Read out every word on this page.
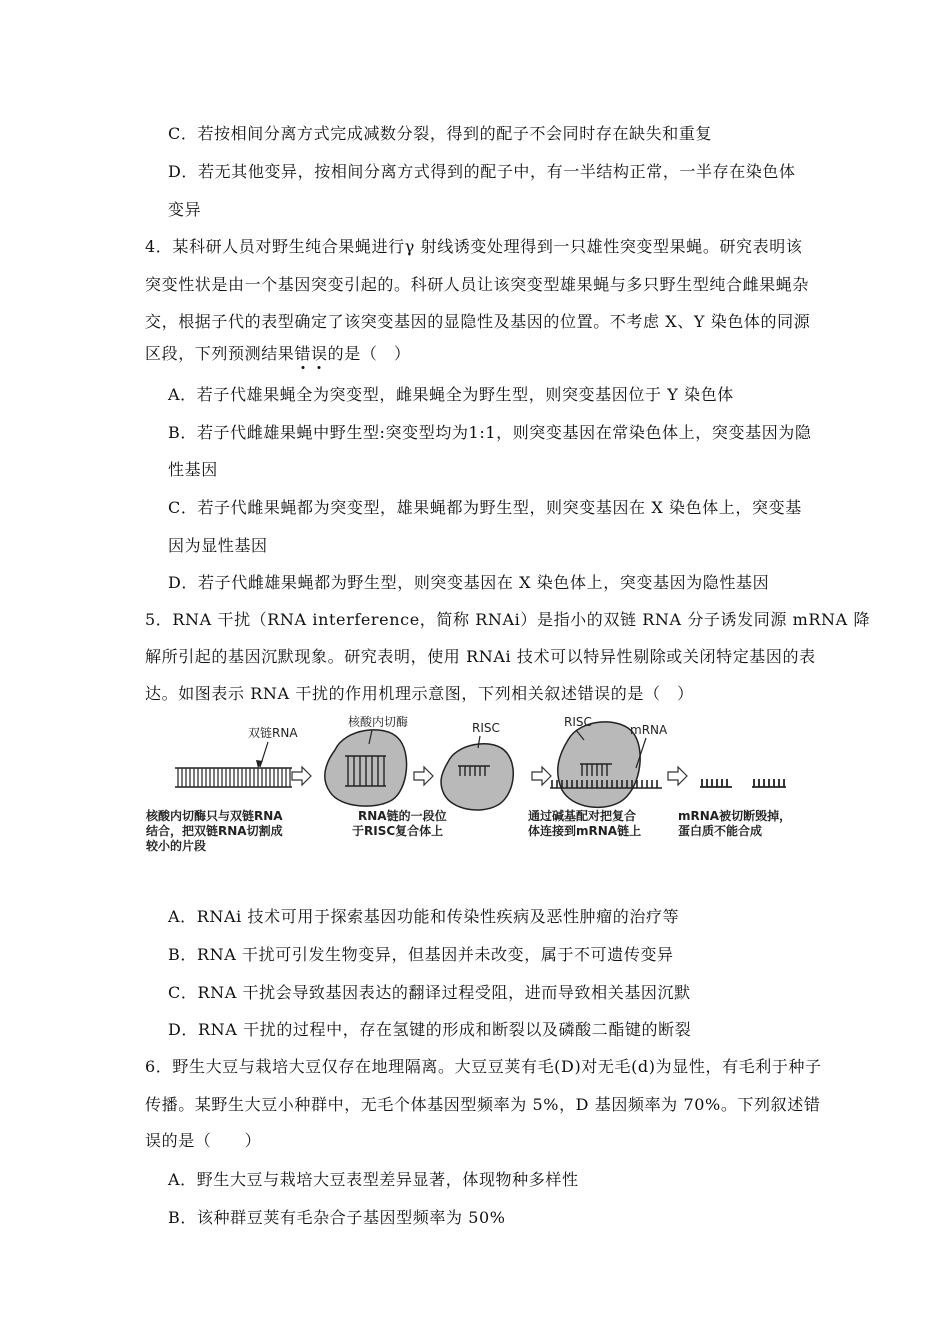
C．若按相间分离方式完成减数分裂，得到的配子不会同时存在缺失和重复
D．若无其他变异，按相间分离方式得到的配子中，有一半结构正常，一半存在染色体
变异
4．某科研人员对野生纯合果蝇进行γ 射线诱变处理得到一只雄性突变型果蝇。研究表明该
突变性状是由一个基因突变引起的。科研人员让该突变型雄果蝇与多只野生型纯合雌果蝇杂
交，根据子代的表型确定了该突变基因的显隐性及基因的位置。不考虑 X、Y 染色体的同源
区段，下列预测结果错误的是（　）
A．若子代雄果蝇全为突变型，雌果蝇全为野生型，则突变基因位于 Y 染色体
B．若子代雌雄果蝇中野生型:突变型均为1:1，则突变基因在常染色体上，突变基因为隐
性基因
C．若子代雌果蝇都为突变型，雄果蝇都为野生型，则突变基因在 X 染色体上，突变基
因为显性基因
D．若子代雌雄果蝇都为野生型，则突变基因在 X 染色体上，突变基因为隐性基因
5．RNA 干扰（RNA interference，简称 RNAi）是指小的双链 RNA 分子诱发同源 mRNA 降
解所引起的基因沉默现象。研究表明，使用 RNAi 技术可以特异性剔除或关闭特定基因的表
达。如图表示 RNA 干扰的作用机理示意图，下列相关叙述错误的是（　）
双链RNA
核酸内切酶	RISC	RISC
mRNA
核酸内切酶只与双链RNA
结合，把双链RNA切割成
较小的片段
RNA链的一段位
于RISC复合体上
通过碱基配对把复合
体连接到mRNA链上
mRNA被切断毁掉，
蛋白质不能合成
A．RNAi 技术可用于探索基因功能和传染性疾病及恶性肿瘤的治疗等
B．RNA 干扰可引发生物变异，但基因并未改变，属于不可遗传变异
C．RNA 干扰会导致基因表达的翻译过程受阻，进而导致相关基因沉默
D．RNA 干扰的过程中，存在氢键的形成和断裂以及磷酸二酯键的断裂
6．野生大豆与栽培大豆仅存在地理隔离。大豆豆荚有毛(D)对无毛(d)为显性，有毛利于种子
传播。某野生大豆小种群中，无毛个体基因型频率为 5%，D 基因频率为 70%。下列叙述错
误的是（　　）
A．野生大豆与栽培大豆表型差异显著，体现物种多样性
B．该种群豆荚有毛杂合子基因型频率为 50%
